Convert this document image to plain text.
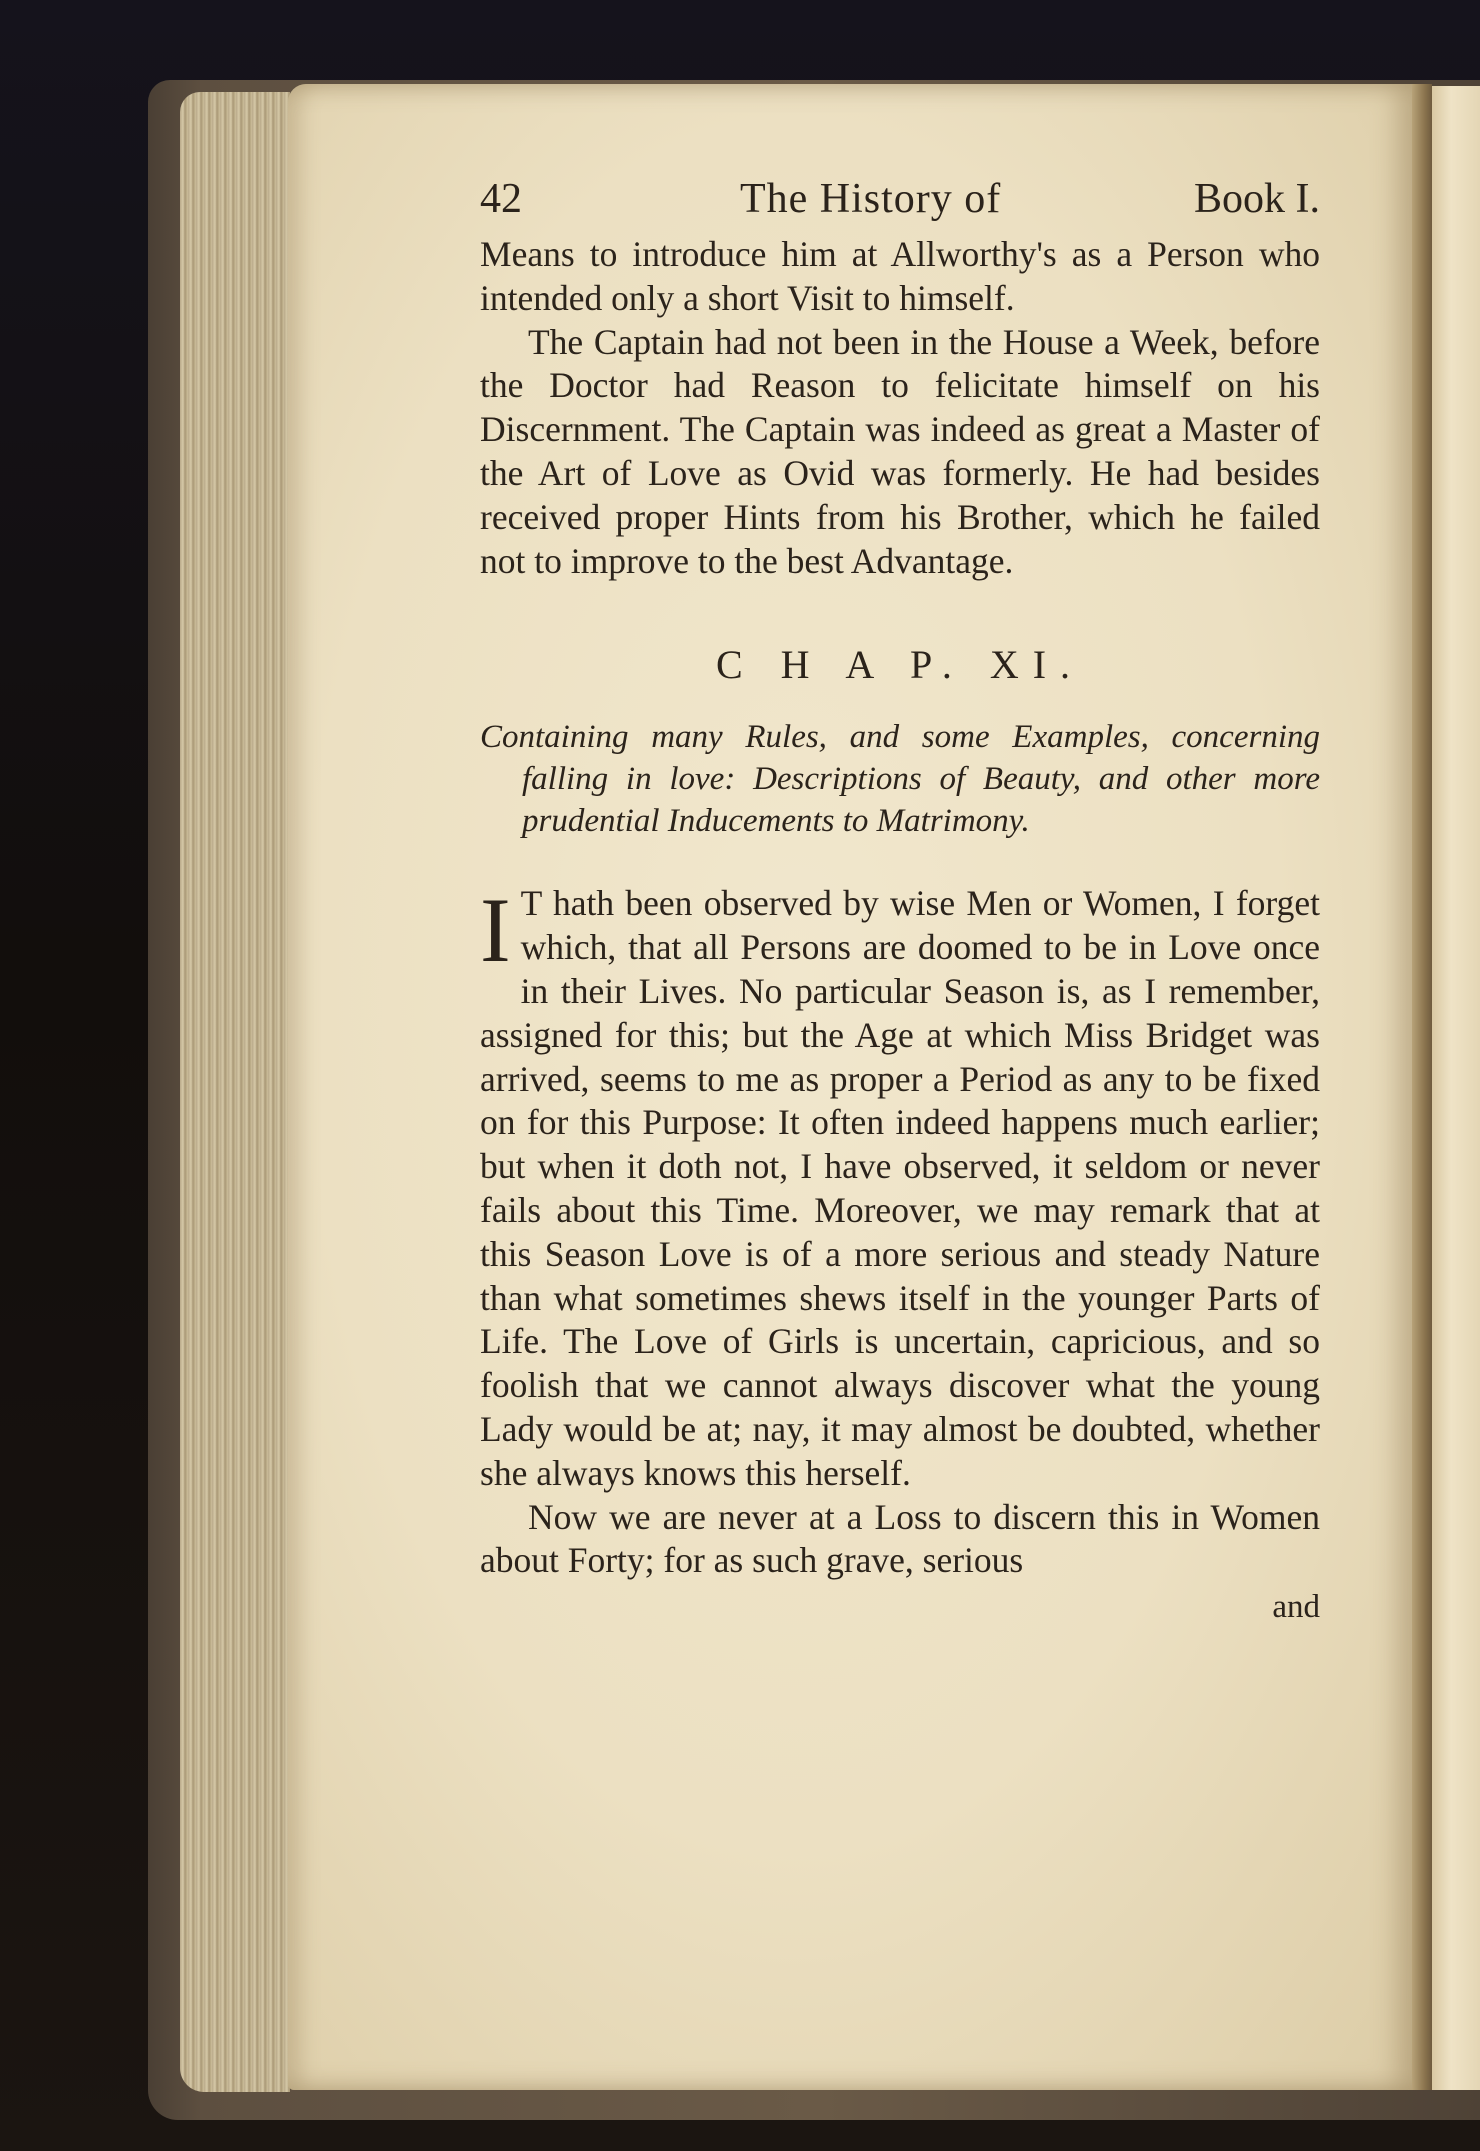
42	The History of	Book I.

Means to introduce him at Allworthy's as a Person who intended only a short Visit to himself.

The Captain had not been in the House a Week, before the Doctor had Reason to felicitate himself on his Discernment. The Captain was indeed as great a Master of the Art of Love as Ovid was formerly. He had besides received proper Hints from his Brother, which he failed not to improve to the best Advantage.

C H A P. XI.

Containing many Rules, and some Examples, concerning falling in love: Descriptions of Beauty, and other more prudential Inducements to Matrimony.

I T hath been observed by wise Men or Women, I forget which, that all Persons are doomed to be in Love once in their Lives. No particular Season is, as I remember, assigned for this; but the Age at which Miss Bridget was arrived, seems to me as proper a Period as any to be fixed on for this Purpose: It often indeed happens much earlier; but when it doth not, I have observed, it seldom or never fails about this Time. Moreover, we may remark that at this Season Love is of a more serious and steady Nature than what sometimes shews itself in the younger Parts of Life. The Love of Girls is uncertain, capricious, and so foolish that we cannot always discover what the young Lady would be at; nay, it may almost be doubted, whether she always knows this herself.

Now we are never at a Loss to discern this in Women about Forty; for as such grave, serious

and
